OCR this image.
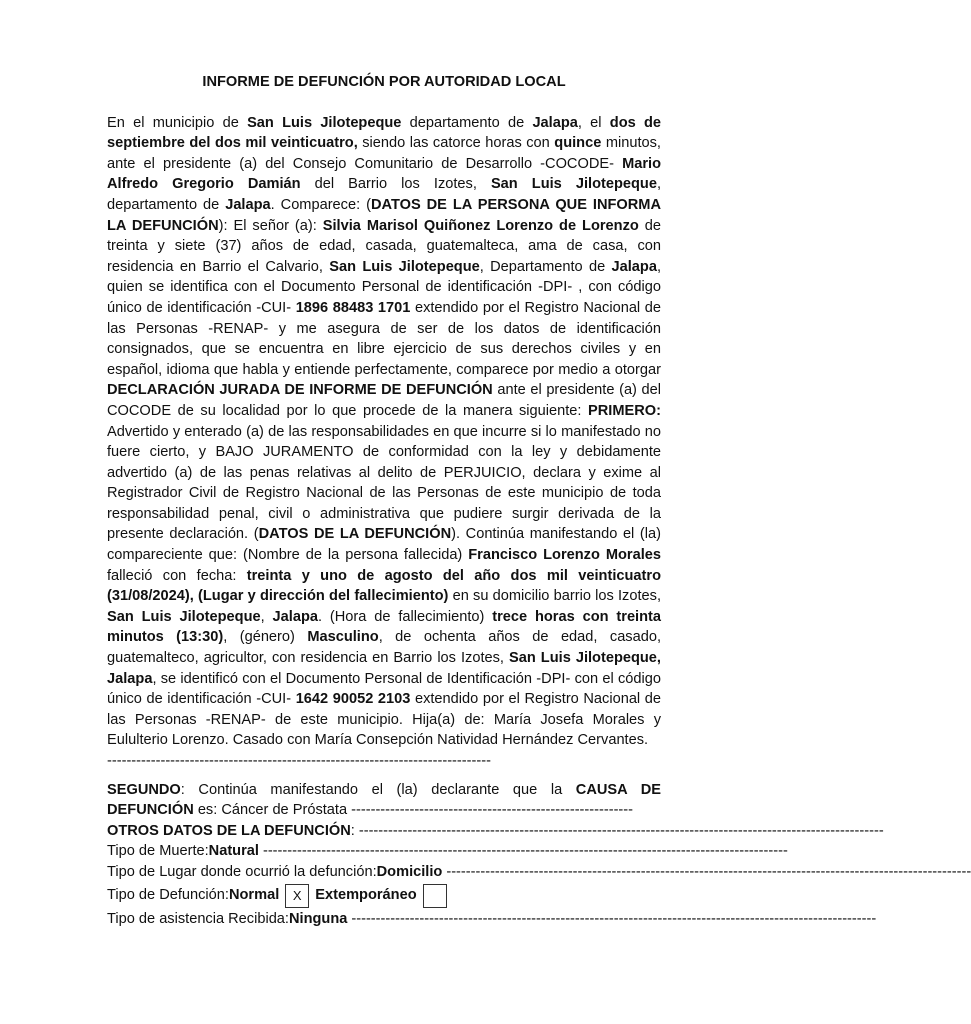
INFORME DE DEFUNCIÓN POR AUTORIDAD LOCAL

En el municipio de San Luis Jilotepeque departamento de Jalapa, el dos de septiembre del dos mil veinticuatro, siendo las catorce horas con quince minutos, ante el presidente (a) del Consejo Comunitario de Desarrollo -COCODE- Mario Alfredo Gregorio Damián del Barrio los Izotes, San Luis Jilotepeque, departamento de Jalapa. Comparece: (DATOS DE LA PERSONA QUE INFORMA LA DEFUNCIÓN): El señor (a): Silvia Marisol Quiñonez Lorenzo de Lorenzo de treinta y siete (37) años de edad, casada, guatemalteca, ama de casa, con residencia en Barrio el Calvario, San Luis Jilotepeque, Departamento de Jalapa, quien se identifica con el Documento Personal de identificación -DPI- , con código único de identificación -CUI- 1896 88483 1701 extendido por el Registro Nacional de las Personas -RENAP- y me asegura de ser de los datos de identificación consignados, que se encuentra en libre ejercicio de sus derechos civiles y en español, idioma que habla y entiende perfectamente, comparece por medio a otorgar DECLARACIÓN JURADA DE INFORME DE DEFUNCIÓN ante el presidente (a) del COCODE de su localidad por lo que procede de la manera siguiente: PRIMERO: Advertido y enterado (a) de las responsabilidades en que incurre si lo manifestado no fuere cierto, y BAJO JURAMENTO de conformidad con la ley y debidamente advertido (a) de las penas relativas al delito de PERJUICIO, declara y exime al Registrador Civil de Registro Nacional de las Personas de este municipio de toda responsabilidad penal, civil o administrativa que pudiere surgir derivada de la presente declaración. (DATOS DE LA DEFUNCIÓN). Continúa manifestando el (la) compareciente que: (Nombre de la persona fallecida) Francisco Lorenzo Morales falleció con fecha: treinta y uno de agosto del año dos mil veinticuatro (31/08/2024), (Lugar y dirección del fallecimiento) en su domicilio barrio los Izotes, San Luis Jilotepeque, Jalapa. (Hora de fallecimiento) trece horas con treinta minutos (13:30), (género) Masculino, de ochenta años de edad, casado, guatemalteco, agricultor, con residencia en Barrio los Izotes, San Luis Jilotepeque, Jalapa, se identificó con el Documento Personal de Identificación -DPI- con el código único de identificación -CUI- 1642 90052 2103 extendido por el Registro Nacional de las Personas -RENAP- de este municipio. Hija(a) de: María Josefa Morales y Eululterio Lorenzo. Casado con María Consepción Natividad Hernández Cervantes.

-------------------------------------------------------------------------------

SEGUNDO: Continúa manifestando el (la) declarante que la CAUSA DE DEFUNCIÓN es: Cáncer de Próstata ----------------------------------------------------------

OTROS DATOS DE LA DEFUNCIÓN : ------------------------------------------------------------------------------------------------------------

Tipo de Muerte: Natural ------------------------------------------------------------------------------------------------------------

Tipo de Lugar donde ocurrió la defunción: Domicilio ------------------------------------------------------------------------------------------------------------

Tipo de Defunción: Normal	X Extemporáneo

Tipo de asistencia Recibida: Ninguna ------------------------------------------------------------------------------------------------------------
